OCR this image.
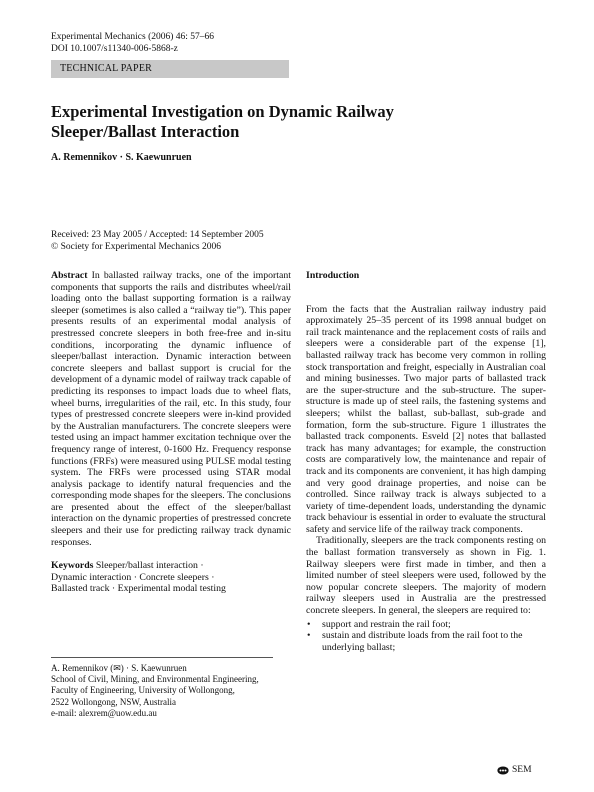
Experimental Mechanics (2006) 46: 57–66
DOI 10.1007/s11340-006-5868-z
TECHNICAL PAPER
Experimental Investigation on Dynamic Railway Sleeper/Ballast Interaction
A. Remennikov · S. Kaewunruen
Received: 23 May 2005 / Accepted: 14 September 2005
© Society for Experimental Mechanics 2006

Abstract In ballasted railway tracks, one of the important components that supports the rails and distributes wheel/rail loading onto the ballast supporting formation is a railway sleeper (sometimes is also called a “railway tie”). This paper presents results of an experimental modal analysis of prestressed concrete sleepers in both free-free and in-situ conditions, incorporating the dynamic influence of sleeper/ballast interaction. Dynamic interaction between concrete sleepers and ballast support is crucial for the development of a dynamic model of railway track capable of predicting its responses to impact loads due to wheel flats, wheel burns, irregularities of the rail, etc. In this study, four types of prestressed concrete sleepers were in-kind provided by the Australian manufacturers. The concrete sleepers were tested using an impact hammer excitation technique over the frequency range of interest, 0-1600 Hz. Frequency response functions (FRFs) were measured using PULSE modal testing system. The FRFs were processed using STAR modal analysis package to identify natural frequencies and the corresponding mode shapes for the sleepers. The conclusions are presented about the effect of the sleeper/ballast interaction on the dynamic properties of prestressed concrete sleepers and their use for predicting railway track dynamic responses.

Keywords Sleeper/ballast interaction ·
Dynamic interaction · Concrete sleepers ·
Ballasted track · Experimental modal testing

A. Remennikov (✉) · S. Kaewunruen
School of Civil, Mining, and Environmental Engineering,
Faculty of Engineering, University of Wollongong,
2522 Wollongong, NSW, Australia
e-mail: alexrem@uow.edu.au

Introduction

From the facts that the Australian railway industry paid approximately 25–35 percent of its 1998 annual budget on rail track maintenance and the replacement costs of rails and sleepers were a considerable part of the expense [1], ballasted railway track has become very common in rolling stock transportation and freight, especially in Australian coal and mining businesses. Two major parts of ballasted track are the super-structure and the sub-structure. The super-structure is made up of steel rails, the fastening systems and sleepers; whilst the ballast, sub-ballast, sub-grade and formation, form the sub-structure. Figure 1 illustrates the ballasted track components. Esveld [2] notes that ballasted track has many advantages; for example, the construction costs are comparatively low, the maintenance and repair of track and its components are convenient, it has high damping and very good drainage properties, and noise can be controlled. Since railway track is always subjected to a variety of time-dependent loads, understanding the dynamic track behaviour is essential in order to evaluate the structural safety and service life of the railway track components.

Traditionally, sleepers are the track components resting on the ballast formation transversely as shown in Fig. 1. Railway sleepers were first made in timber, and then a limited number of steel sleepers were used, followed by the now popular concrete sleepers. The majority of modern railway sleepers used in Australia are the prestressed concrete sleepers. In general, the sleepers are required to:

• support and restrain the rail foot;
• sustain and distribute loads from the rail foot to the underlying ballast;
SEM
